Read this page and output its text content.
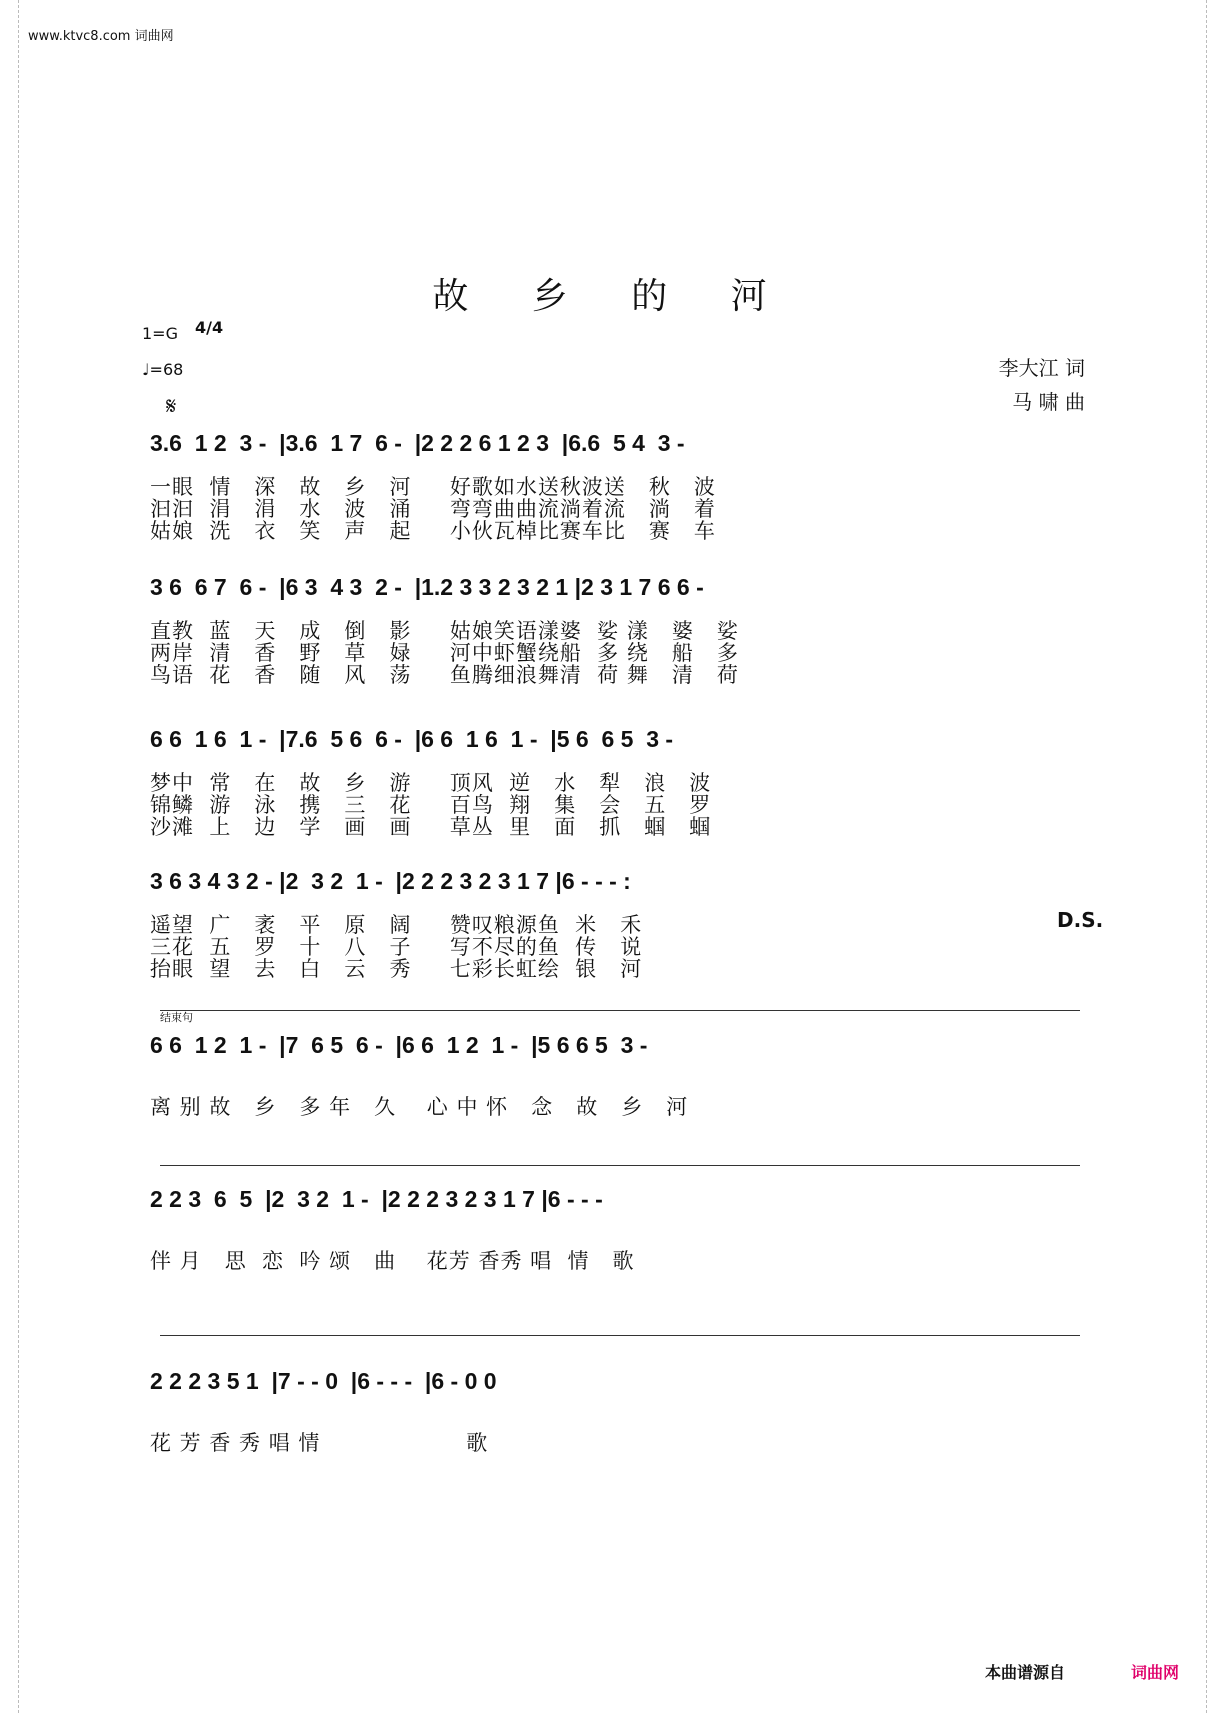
www.ktvc8.com 词曲网
故 乡 的 河
1=G 4/4
♩=68	李大江 词
马 啸 曲
𝄋
3.6  1 2  3 -  |3.6  1 7  6 -  |2 2 2 6 1 2 3  |6.6  5 4  3 -
一眼  情   深   故   乡   河     好歌如水送秋波送   秋   波
汩汩  涓   涓   水   波   涌     弯弯曲曲流淌着流   淌   着
姑娘  洗   衣   笑   声   起     小伙瓦棹比赛车比   赛   车
3 6  6 7  6 -  |6 3  4 3  2 -  |1.2 3 3 2 3 2 1 |2 3 1 7 6 6 -
直教  蓝   天   成   倒   影     姑娘笑语漾婆  娑 漾   婆   娑
两岸  清   香   野   草   娽     河中虾蟹绕船  多 绕   船   多
鸟语  花   香   随   风   荡     鱼腾细浪舞清  荷 舞   清   荷
6 6  1 6  1 -  |7.6  5 6  6 -  |6 6  1 6  1 -  |5 6  6 5  3 -
梦中  常   在   故   乡   游     顶风  逆   水   犁   浪   波
锦鳞  游   泳   携   三   花     百鸟  翔   集   会   五   罗
沙滩  上   边   学   画   画     草丛  里   面   抓   蝈   蝈
3 6 3 4 3 2 - |2  3 2  1 -  |2 2 2 3 2 3 1 7 |6 - - - :
遥望  广   袤   平   原   阔     赞叹粮源鱼  米   禾
三花  五   罗   十   八   子     写不尽的鱼  传   说
抬眼  望   去   白   云   秀     七彩长虹绘  银   河
D.S.
结束句
6 6  1 2  1 -  |7  6 5  6 -  |6 6  1 2  1 -  |5 6 6 5  3 -
离 别 故   乡   多 年   久    心 中 怀   念   故   乡   河
2 2 3  6  5  |2  3 2  1 -  |2 2 2 3 2 3 1 7 |6 - - -
伴 月   思  恋  吟 颂   曲    花芳 香秀 唱  情   歌
2 2 2 3 5 1  |7 - - 0  |6 - - -  |6 - 0 0
花 芳 香 秀 唱 情                   歌
本曲谱源自	词曲网
